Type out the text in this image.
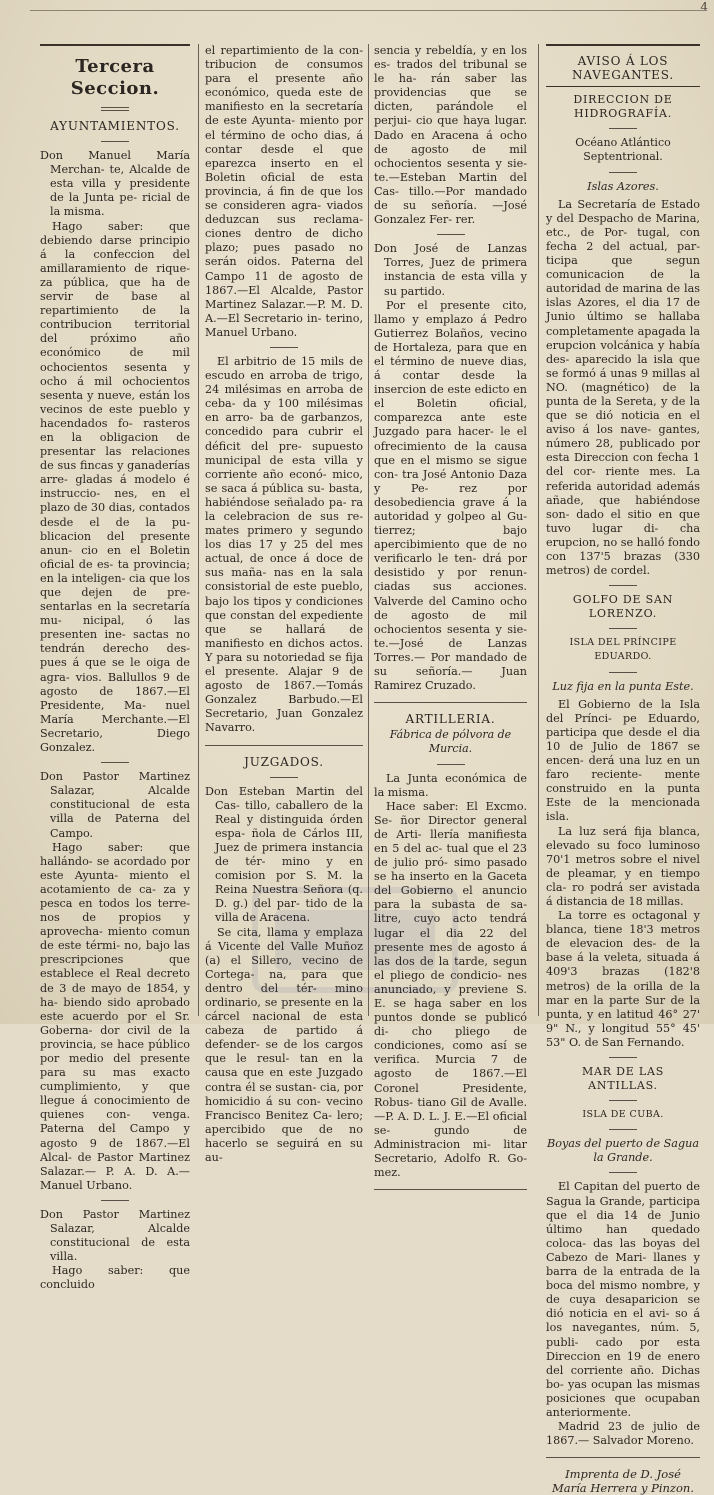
4
Tercera Seccion.
AYUNTAMIENTOS.

Don Manuel María Merchan- te, Alcalde de esta villa y presidente de la Junta pe- ricial de la misma.

Hago saber: que debiendo darse principio á la confeccion del amillaramiento de rique- za pública, que ha de servir de base al repartimiento de la contribucion territorial del próximo año económico de mil ochocientos sesenta y ocho á mil ochocientos sesenta y nueve, están los vecinos de este pueblo y hacendados fo- rasteros en la obligacion de presentar las relaciones de sus fincas y ganaderías arre- gladas á modelo é instruccio- nes, en el plazo de 30 dias, contados desde el de la pu- blicacion del presente anun- cio en el Boletin oficial de es- ta provincia; en la inteligen- cia que los que dejen de pre- sentarlas en la secretaría mu- nicipal, ó las presenten ine- sactas no tendrán derecho des- pues á que se le oiga de agra- vios. Ballullos 9 de agosto de 1867.—El Presidente, Ma- nuel María Merchante.—El Secretario, Diego Gonzalez.

Don Pastor Martinez Salazar, Alcalde constitucional de esta villa de Paterna del Campo.

Hago saber: que hallándo- se acordado por este Ayunta- miento el acotamiento de ca- za y pesca en todos los terre- nos de propios y aprovecha- miento comun de este térmi- no, bajo las prescripciones que establece el Real decreto de 3 de mayo de 1854, y ha- biendo sido aprobado este acuerdo por el Sr. Goberna- dor civil de la provincia, se hace público por medio del presente para su mas exacto cumplimiento, y que llegue á conocimiento de quienes con- venga. Paterna del Campo y agosto 9 de 1867.—El Alcal- de Pastor Martinez Salazar.— P. A. D. A.—Manuel Urbano.

Don Pastor Martinez Salazar, Alcalde constitucional de esta villa.

Hago saber: que concluido

el repartimiento de la con- tribucion de consumos para el presente año económico, queda este de manifiesto en la secretaría de este Ayunta- miento por el término de ocho dias, á contar desde el que eparezca inserto en el Boletin oficial de esta provincia, á fin de que los se consideren agra- viados deduzcan sus reclama- ciones dentro de dicho plazo; pues pasado no serán oidos. Paterna del Campo 11 de agosto de 1867.—El Alcalde, Pastor Martinez Salazar.—P. M. D. A.—El Secretario in- terino, Manuel Urbano.

El arbitrio de 15 mils de escudo en arroba de trigo, 24 milésimas en arroba de ceba- da y 100 milésimas en arro- ba de garbanzos, concedido para cubrir el déficit del pre- supuesto municipal de esta villa y corriente año econó- mico, se saca á pública su- basta, habiéndose señalado pa- ra la celebracion de sus re- mates primero y segundo los dias 17 y 25 del mes actual, de once á doce de sus maña- nas en la sala consistorial de este pueblo, bajo los tipos y condiciones que constan del expediente que se hallará de manifiesto en dichos actos. Y para su notoriedad se fija el presente. Alajar 9 de agosto de 1867.—Tomás Gonzalez Barbudo.—El Secretario, Juan Gonzalez Navarro.

JUZGADOS.

Don Esteban Martin del Cas- tillo, caballero de la Real y distinguida órden espa- ñola de Cárlos III, Juez de primera instancia de tér- mino y en comision por S. M. la Reina Nuestra Señora (q. D. g.) del par- tido de la villa de Aracena.

Se cita, llama y emplaza á Vicente del Valle Muñoz (a) el Sillero, vecino de Cortega- na, para que dentro del tér- mino ordinario, se presente en la cárcel nacional de esta cabeza de partido á defender- se de los cargos que le resul- tan en la causa que en este Juzgado contra él se sustan- cia, por homicidio á su con- vecino Francisco Benitez Ca- lero; apercibido que de no hacerlo se seguirá en su au-

sencia y rebeldía, y en los es- trados del tribunal se le ha- rán saber las providencias que se dicten, parándole el perjui- cio que haya lugar. Dado en Aracena á ocho de agosto de mil ochocientos sesenta y sie- te.—Esteban Martin del Cas- tillo.—Por mandado de su señoría. —José Gonzalez Fer- rer.

Don José de Lanzas Torres, Juez de primera instancia de esta villa y su partido.

Por el presente cito, llamo y emplazo á Pedro Gutierrez Bolaños, vecino de Hortaleza, para que en el término de nueve dias, á contar desde la insercion de este edicto en el Boletin oficial, comparezca ante este Juzgado para hacer- le el ofrecimiento de la causa que en el mismo se sigue con- tra José Antonio Daza y Pe- rez por desobediencia grave á la autoridad y golpeo al Gu- tierrez; bajo apercibimiento que de no verificarlo le ten- drá por desistido y por renun- ciadas sus acciones. Valverde del Camino ocho de agosto de mil ochocientos sesenta y sie- te.—José de Lanzas Torres.— Por mandado de su señoría.— Juan Ramirez Cruzado.

ARTILLERIA.
Fábrica de pólvora de Murcia.

La Junta económica de la misma.

Hace saber: El Excmo. Se- ñor Director general de Arti- llería manifiesta en 5 del ac- tual que el 23 de julio pró- simo pasado se ha inserto en la Gaceta del Gobierno el anuncio para la subasta de sa- litre, cuyo acto tendrá lugar el dia 22 del presente mes de agosto á las dos de la tarde, segun el pliego de condicio- nes anunciado, y previene S. E. se haga saber en los puntos donde se publicó di- cho pliego de condiciones, como así se verifica. Murcia 7 de agosto de 1867.—El Coronel Presidente, Robus- tiano Gil de Avalle.—P. A. D. L. J. E.—El oficial se- gundo de Administracion mi- litar Secretario, Adolfo R. Go- mez.

AVISO Á LOS NAVEGANTES.
DIRECCION DE HIDROGRAFÍA.
Océano Atlántico Septentrional.
Islas Azores.

La Secretaría de Estado y del Despacho de Marina, etc., de Por- tugal, con fecha 2 del actual, par- ticipa que segun comunicacion de la autoridad de marina de las islas Azores, el dia 17 de Junio último se hallaba completamente apagada la erupcion volcánica y había des- aparecido la isla que se formó á unas 9 millas al NO. (magnético) de la punta de la Sereta, y de la que se dió noticia en el aviso á los nave- gantes, número 28, publicado por esta Direccion con fecha 1 del cor- riente mes. La referida autoridad además añade, que habiéndose son- dado el sitio en que tuvo lugar di- cha erupcion, no se halló fondo con 137'5 brazas (330 metros) de cordel.

GOLFO DE SAN LORENZO.
ISLA DEL PRÍNCIPE EDUARDO.
Luz fija en la punta Este.

El Gobierno de la Isla del Prínci- pe Eduardo, participa que desde el dia 10 de Julio de 1867 se encen- derá una luz en un faro reciente- mente construido en la punta Este de la mencionada isla.

La luz será fija blanca, elevado su foco luminoso 70'1 metros sobre el nivel de pleamar, y en tiempo cla- ro podrá ser avistada á distancia de 18 millas.

La torre es octagonal y blanca, tiene 18'3 metros de elevacion des- de la base á la veleta, situada á 409'3 brazas (182'8 metros) de la orilla de la mar en la parte Sur de la punta, y en latitud 46° 27' 9" N., y longitud 55° 45' 53" O. de San Fernando.

MAR DE LAS ANTILLAS.
ISLA DE CUBA.
Boyas del puerto de Sagua la Grande.

El Capitan del puerto de Sagua la Grande, participa que el dia 14 de Junio último han quedado coloca- das las boyas del Cabezo de Mari- llanes y barra de la entrada de la boca del mismo nombre, y de cuya desaparicion se dió noticia en el avi- so á los navegantes, núm. 5, publi- cado por esta Direccion en 19 de enero del corriente año. Dichas bo- yas ocupan las mismas posiciones que ocupaban anteriormente.

Madrid 23 de julio de 1867.— Salvador Moreno.

Imprenta de D. José María Herrera y Pinzon.
